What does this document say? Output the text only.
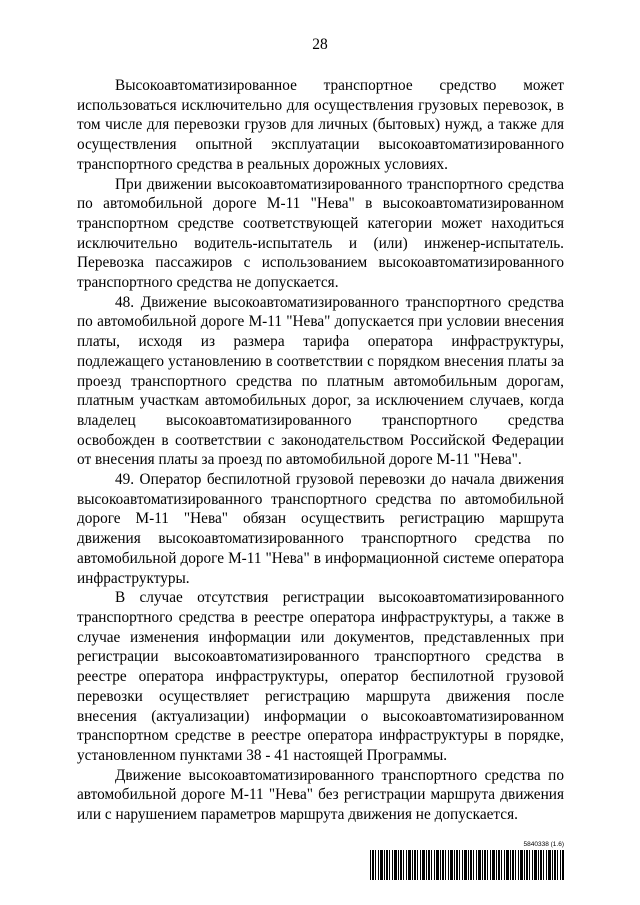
28

Высокоавтоматизированное транспортное средство может использоваться исключительно для осуществления грузовых перевозок, в том числе для перевозки грузов для личных (бытовых) нужд, а также для осуществления опытной эксплуатации высокоавтоматизированного транспортного средства в реальных дорожных условиях.

При движении высокоавтоматизированного транспортного средства по автомобильной дороге М-11 "Нева" в высокоавтоматизированном транспортном средстве соответствующей категории может находиться исключительно водитель-испытатель и (или) инженер-испытатель. Перевозка пассажиров с использованием высокоавтоматизированного транспортного средства не допускается.

48. Движение высокоавтоматизированного транспортного средства по автомобильной дороге М-11 "Нева" допускается при условии внесения платы, исходя из размера тарифа оператора инфраструктуры, подлежащего установлению в соответствии с порядком внесения платы за проезд транспортного средства по платным автомобильным дорогам, платным участкам автомобильных дорог, за исключением случаев, когда владелец высокоавтоматизированного транспортного средства освобожден в соответствии с законодательством Российской Федерации от внесения платы за проезд по автомобильной дороге М-11 "Нева".

49. Оператор беспилотной грузовой перевозки до начала движения высокоавтоматизированного транспортного средства по автомобильной дороге М-11 "Нева" обязан осуществить регистрацию маршрута движения высокоавтоматизированного транспортного средства по автомобильной дороге М-11 "Нева" в информационной системе оператора инфраструктуры.

В случае отсутствия регистрации высокоавтоматизированного транспортного средства в реестре оператора инфраструктуры, а также в случае изменения информации или документов, представленных при регистрации высокоавтоматизированного транспортного средства в реестре оператора инфраструктуры, оператор беспилотной грузовой перевозки осуществляет регистрацию маршрута движения после внесения (актуализации) информации о высокоавтоматизированном транспортном средстве в реестре оператора инфраструктуры в порядке, установленном пунктами 38 - 41 настоящей Программы.

Движение высокоавтоматизированного транспортного средства по автомобильной дороге М-11 "Нева" без регистрации маршрута движения или с нарушением параметров маршрута движения не допускается.

5840338 (1.6)
